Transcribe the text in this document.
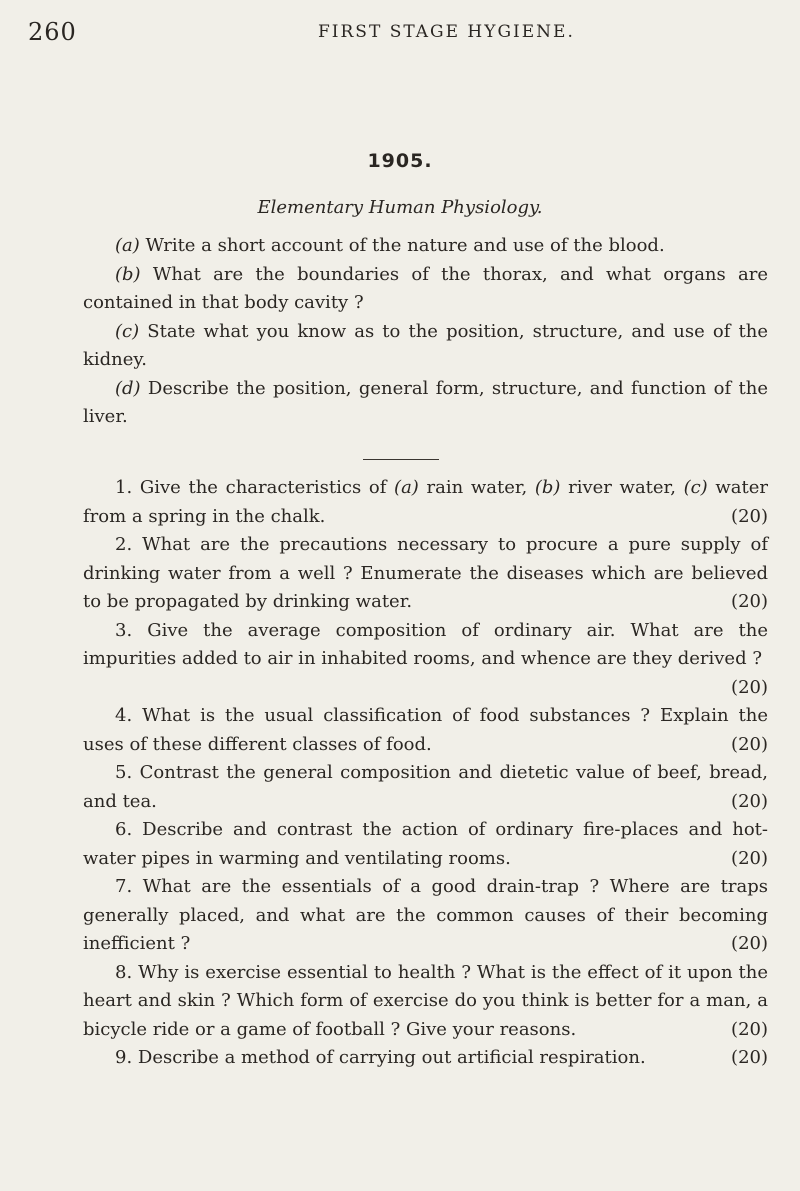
260	FIRST STAGE HYGIENE.
1905.
Elementary Human Physiology.

(a) Write a short account of the nature and use of the blood.

(b) What are the boundaries of the thorax, and what organs are contained in that body cavity ?

(c) State what you know as to the position, structure, and use of the kidney.

(d) Describe the position, general form, structure, and function of the liver.

1. Give the characteristics of (a) rain water, (b) river water, (c) water from a spring in the chalk.	(20)

2. What are the precautions necessary to procure a pure supply of drinking water from a well ? Enumerate the diseases which are believed to be propagated by drinking water.	(20)

3. Give the average composition of ordinary air. What are the impurities added to air in inhabited rooms, and whence are they derived ?
(20)

4. What is the usual classification of food substances ? Explain the uses of these different classes of food.	(20)

5. Contrast the general composition and dietetic value of beef, bread, and tea.	(20)

6. Describe and contrast the action of ordinary fire-places and hot-water pipes in warming and ventilating rooms.	(20)

7. What are the essentials of a good drain-trap ? Where are traps generally placed, and what are the common causes of their becoming inefficient ?	(20)

8. Why is exercise essential to health ? What is the effect of it upon the heart and skin ? Which form of exercise do you think is better for a man, a bicycle ride or a game of football ? Give your reasons.	(20)

9. Describe a method of carrying out artificial respiration.	(20)
